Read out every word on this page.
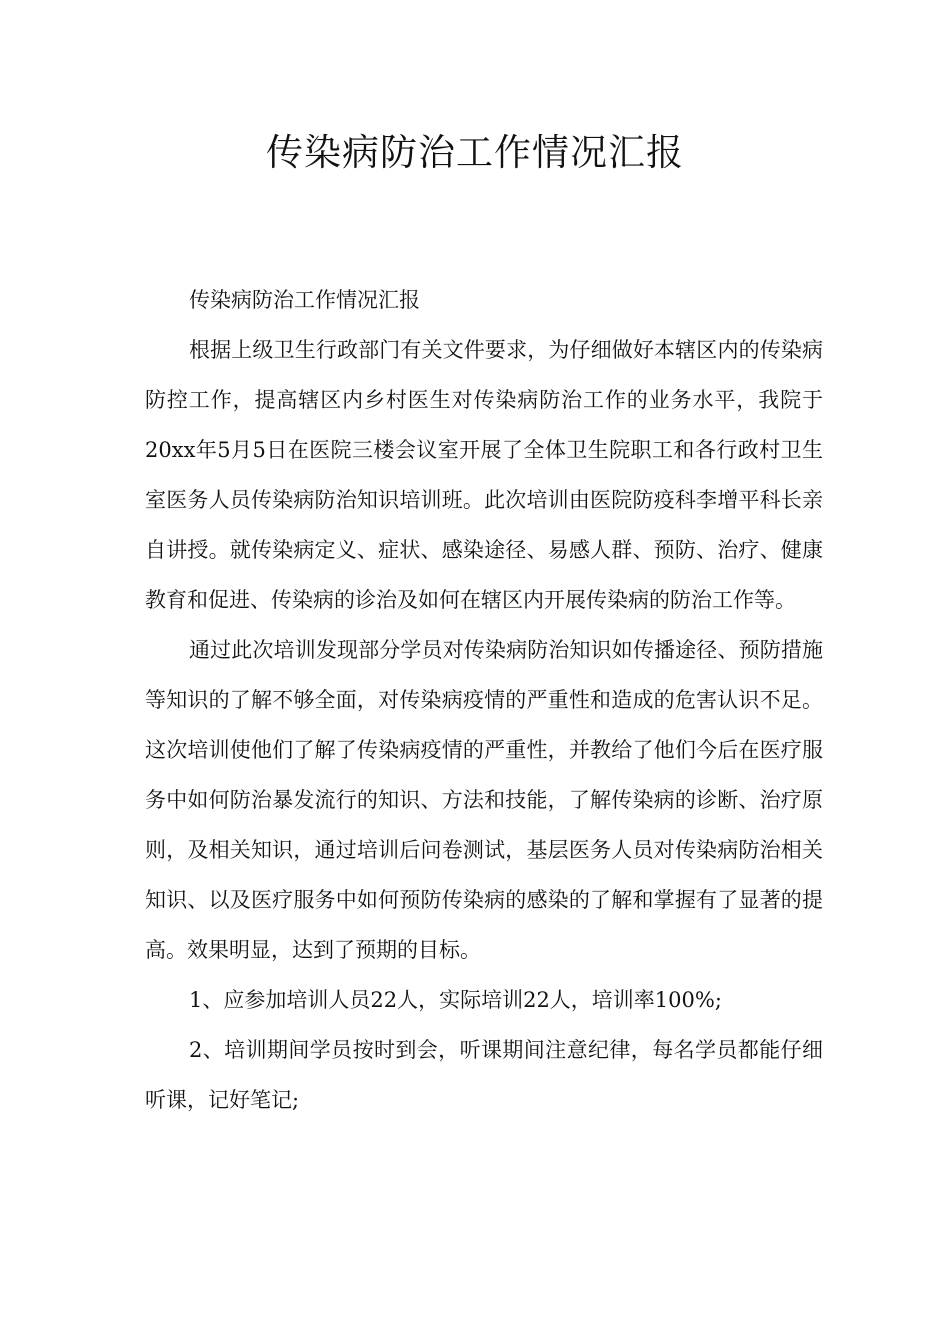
传染病防治工作情况汇报

传染病防治工作情况汇报

根据上级卫生行政部门有关文件要求，为仔细做好本辖区内的传染病防控工作，提高辖区内乡村医生对传染病防治工作的业务水平，我院于20xx年5月5日在医院三楼会议室开展了全体卫生院职工和各行政村卫生室医务人员传染病防治知识培训班。此次培训由医院防疫科李增平科长亲自讲授。就传染病定义、症状、感染途径、易感人群、预防、治疗、健康教育和促进、传染病的诊治及如何在辖区内开展传染病的防治工作等。

通过此次培训发现部分学员对传染病防治知识如传播途径、预防措施等知识的了解不够全面，对传染病疫情的严重性和造成的危害认识不足。这次培训使他们了解了传染病疫情的严重性，并教给了他们今后在医疗服务中如何防治暴发流行的知识、方法和技能，了解传染病的诊断、治疗原则，及相关知识，通过培训后问卷测试，基层医务人员对传染病防治相关知识、以及医疗服务中如何预防传染病的感染的了解和掌握有了显著的提高。效果明显，达到了预期的目标。

1、应参加培训人员22人，实际培训22人，培训率100%;

2、培训期间学员按时到会，听课期间注意纪律，每名学员都能仔细听课，记好笔记;
